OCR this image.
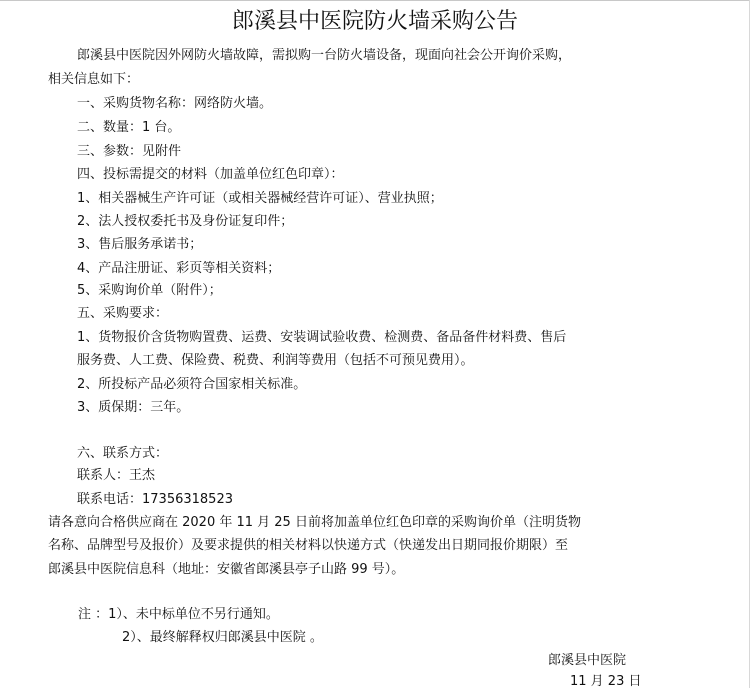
郎溪县中医院防火墙采购公告
郎溪县中医院因外网防火墙故障，需拟购一台防火墙设备，现面向社会公开询价采购，
相关信息如下：
一、采购货物名称：网络防火墙。
二、数量：1 台。
三、参数：见附件
四、投标需提交的材料（加盖单位红色印章）：
1、相关器械生产许可证（或相关器械经营许可证）、营业执照；
2、法人授权委托书及身份证复印件；
3、售后服务承诺书；
4、产品注册证、彩页等相关资料；
5、采购询价单（附件）；
五、采购要求：
1、货物报价含货物购置费、运费、安装调试验收费、检测费、备品备件材料费、售后
服务费、人工费、保险费、税费、利润等费用（包括不可预见费用）。
2、所投标产品必须符合国家相关标准。
3、质保期：三年。
六、联系方式：
联系人：王杰
联系电话：17356318523
请各意向合格供应商在 2020 年 11 月 25 日前将加盖单位红色印章的采购询价单（注明货物
名称、品牌型号及报价）及要求提供的相关材料以快递方式（快递发出日期同报价期限）至
郎溪县中医院信息科（地址：安徽省郎溪县亭子山路 99 号）。
注 ：1）、未中标单位不另行通知。
2）、最终解释权归郎溪县中医院 。
郎溪县中医院
11 月 23 日
